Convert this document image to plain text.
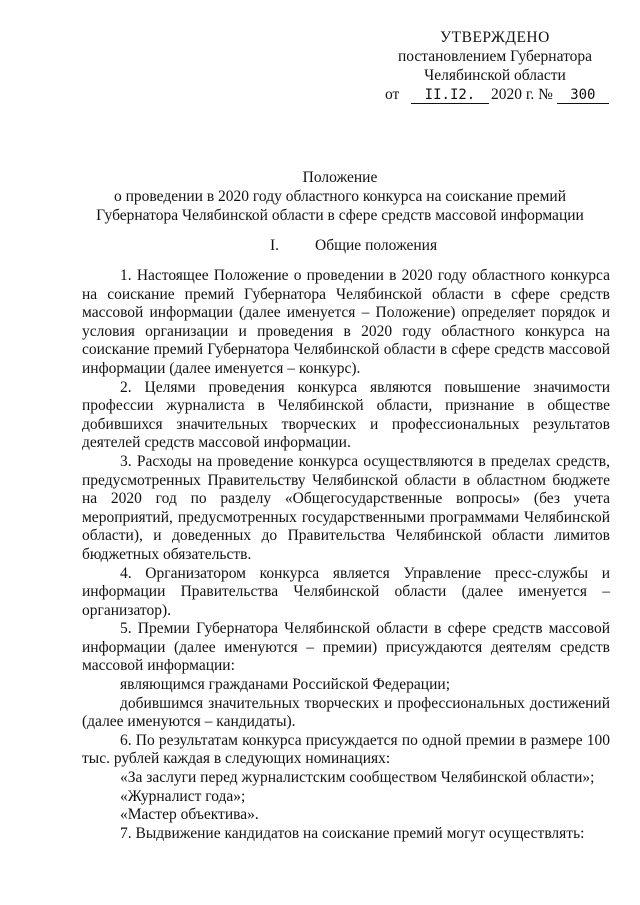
УТВЕРЖДЕНО
постановлением Губернатора
Челябинской области
от II.I2. 2020 г. № 300
Положение
о проведении в 2020 году областного конкурса на соискание премий
Губернатора Челябинской области в сфере средств массовой информации
I. Общие положения

1. Настоящее Положение о проведении в 2020 году областного конкурса на соискание премий Губернатора Челябинской области в сфере средств массовой информации (далее именуется – Положение) определяет порядок и условия организации и проведения в 2020 году областного конкурса на соискание премий Губернатора Челябинской области в сфере средств массовой информации (далее именуется – конкурс).

2. Целями проведения конкурса являются повышение значимости профессии журналиста в Челябинской области, признание в обществе добившихся значительных творческих и профессиональных результатов деятелей средств массовой информации.

3. Расходы на проведение конкурса осуществляются в пределах средств, предусмотренных Правительству Челябинской области в областном бюджете на 2020 год по разделу «Общегосударственные вопросы» (без учета мероприятий, предусмотренных государственными программами Челябинской области), и доведенных до Правительства Челябинской области лимитов бюджетных обязательств.

4. Организатором конкурса является Управление пресс-службы и информации Правительства Челябинской области (далее именуется – организатор).

5. Премии Губернатора Челябинской области в сфере средств массовой информации (далее именуются – премии) присуждаются деятелям средств массовой информации:

являющимся гражданами Российской Федерации;

добившимся значительных творческих и профессиональных достижений (далее именуются – кандидаты).

6. По результатам конкурса присуждается по одной премии в размере 100 тыс. рублей каждая в следующих номинациях:

«За заслуги перед журналистским сообществом Челябинской области»;

«Журналист года»;

«Мастер объектива».

7. Выдвижение кандидатов на соискание премий могут осуществлять:
